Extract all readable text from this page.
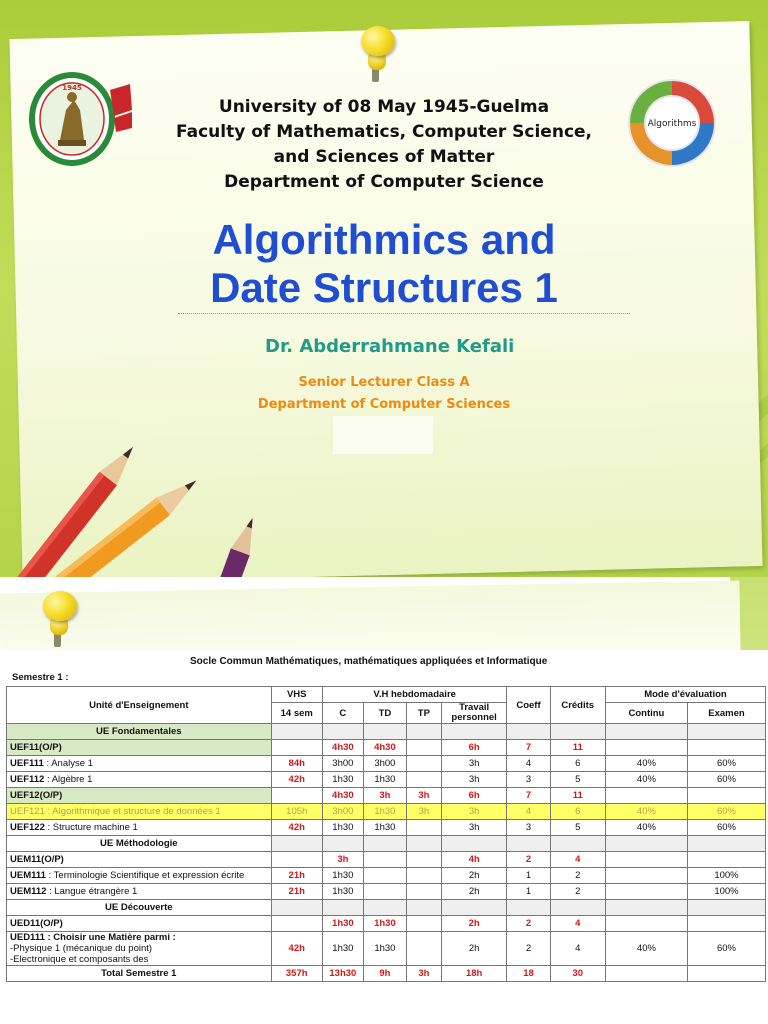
1945
Algorithms
University of 08 May 1945-Guelma
Faculty of Mathematics, Computer Science,
and Sciences of Matter
Department of Computer Science
Algorithmics and
Date Structures 1
Dr. Abderrahmane Kefali
Senior Lecturer Class A
Department of Computer Sciences
Socle Commun Mathématiques, mathématiques appliquées et Informatique
Semestre 1 :
Unité d'Enseignement	VHS	V.H hebdomadaire				Coeff	Crédits	Mode d'évaluation	
	14 sem	C	TD	TP	Travail personnel			Continu	Examen
UE Fondamentales									
UEF11(O/P)		4h30	4h30		6h	7	11		
UEF111 : Analyse 1	84h	3h00	3h00		3h	4	6	40%	60%
UEF112 : Algèbre 1	42h	1h30	1h30		3h	3	5	40%	60%
UEF12(O/P)		4h30	3h	3h	6h	7	11		
UEF121 : Algorithmique et structure de données 1	105h	3h00	1h30	3h	3h	4	6	40%	60%
UEF122 : Structure machine 1	42h	1h30	1h30		3h	3	5	40%	60%
UE Méthodologie									
UEM11(O/P)		3h			4h	2	4		
UEM111 : Terminologie Scientifique et expression écrite	21h	1h30			2h	1	2		100%
UEM112 : Langue étrangère 1	21h	1h30			2h	1	2		100%
UE Découverte									
UED11(O/P)		1h30	1h30		2h	2	4		

UED111 : Choisir une Matière parmi :
-Physique 1 (mécanique du point)
-Electronique et composants des	42h	1h30	1h30		2h	2	4	40%	60%
Total Semestre 1	357h	13h30	9h	3h	18h	18	30		
